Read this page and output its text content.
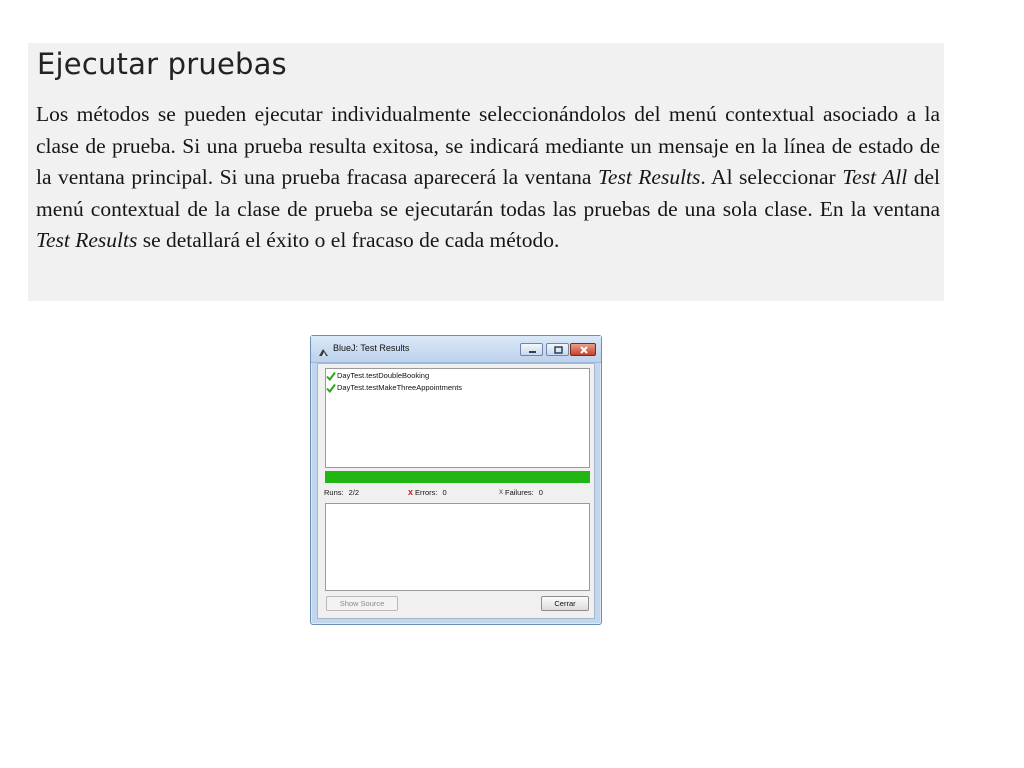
Ejecutar pruebas

Los métodos se pueden ejecutar individualmente seleccionándolos del menú contextual asociado a la clase de prueba. Si una prueba resulta exitosa, se indicará mediante un mensaje en la línea de estado de la ventana principal. Si una prueba fracasa aparecerá la ventana Test Results. Al seleccionar Test All del menú contextual de la clase de prueba se ejecutarán todas las pruebas de una sola clase. En la ventana Test Results se detallará el éxito o el fracaso de cada método.

BlueJ: Test Results
DayTest.testDoubleBooking
DayTest.testMakeThreeAppointments
Runs: 2/2	x Errors: 0	x Failures: 0
Show Source	Cerrar
